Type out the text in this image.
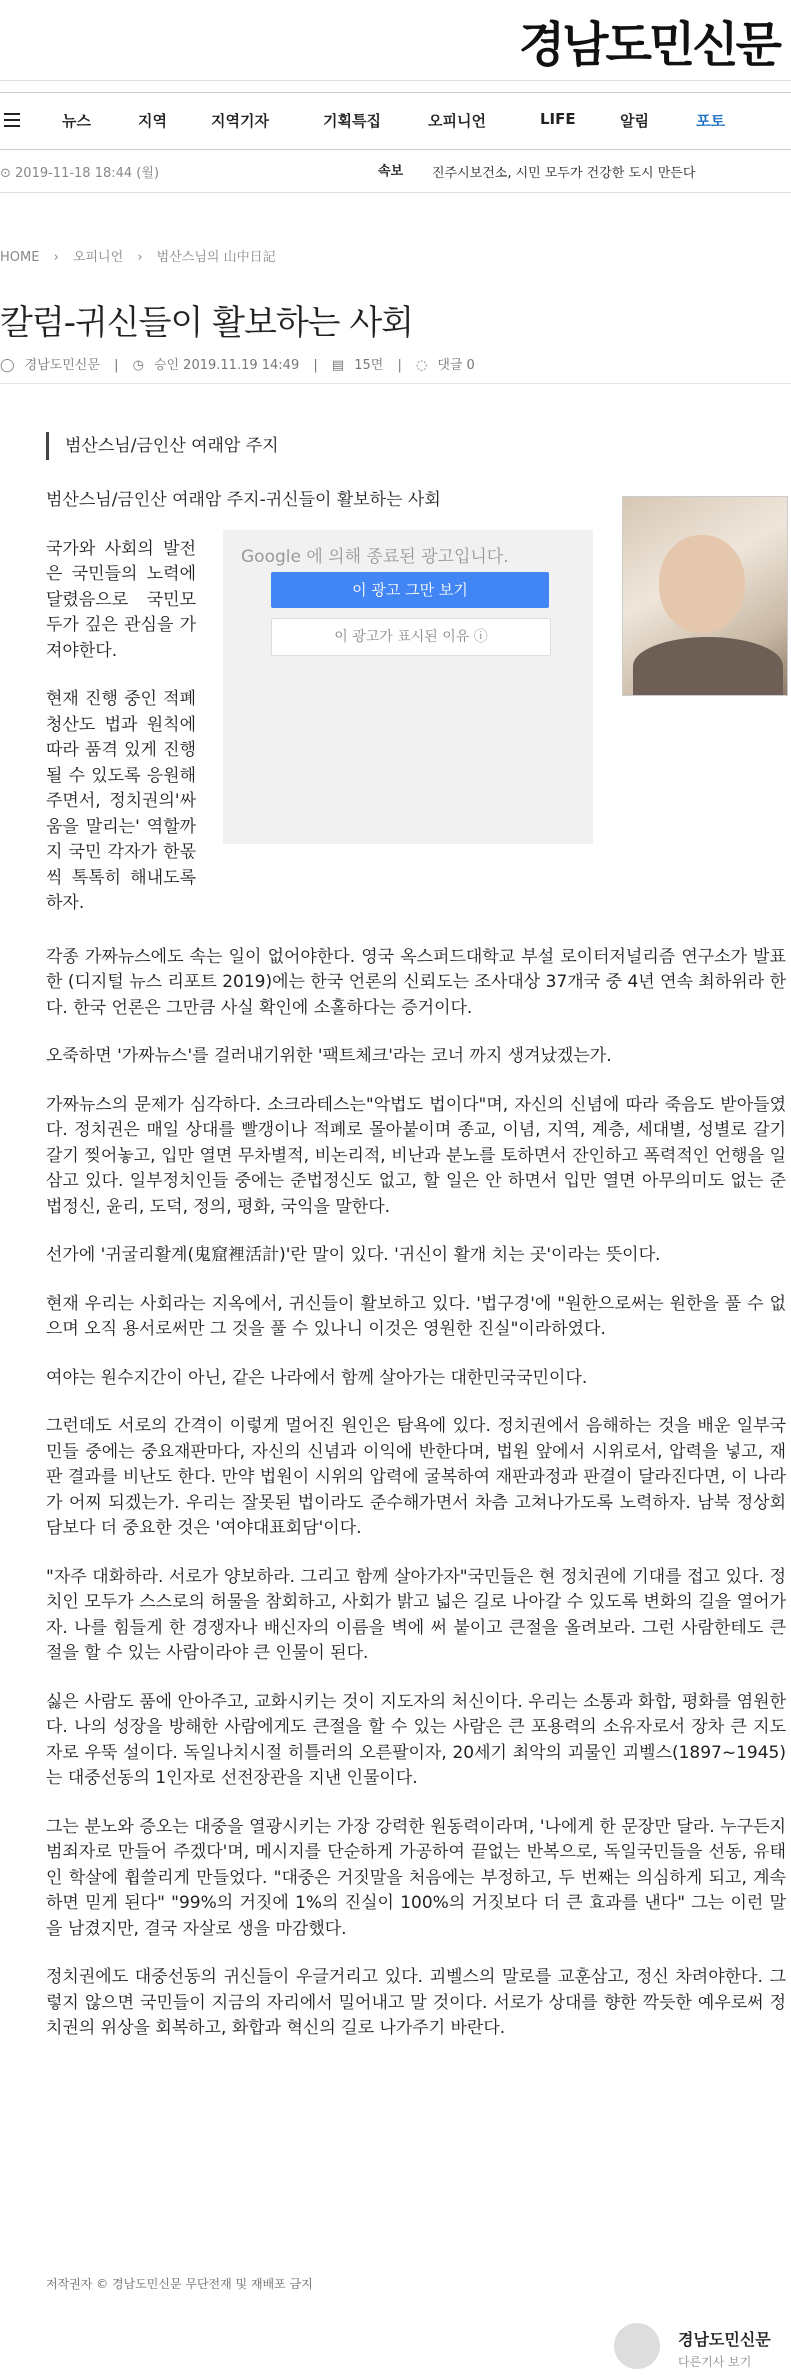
경남도민신문
뉴스	지역	지역기자	기획특집	오피니언	LIFE	알림	포토
⊙ 2019-11-18 18:44 (월)	속보 진주시보건소, 시민 모두가 건강한 도시 만든다
HOME › 오피니언 › 범산스님의 山中日記
칼럼-귀신들이 활보하는 사회
◯ 경남도민신문 | ◷ 승인 2019.11.19 14:49 | ▤ 15면 | ◌ 댓글 0
범산스님/금인산 여래암 주지

범산스님/금인산 여래암 주지-귀신들이 활보하는 사회

국가와 사회의 발전은 국민들의 노력에 달렸음으로 국민모두가 깊은 관심을 가져야한다.

현재 진행 중인 적폐청산도 법과 원칙에 따라 품격 있게 진행될 수 있도록 응원해주면서, 정치권의'싸움을 말리는' 역할까지 국민 각자가 한몫씩 톡톡히 해내도록하자.

각종 가짜뉴스에도 속는 일이 없어야한다. 영국 옥스퍼드대학교 부설 로이터저널리즘 연구소가 발표한 (디지털 뉴스 리포트 2019)에는 한국 언론의 신뢰도는 조사대상 37개국 중 4년 연속 최하위라 한다. 한국 언론은 그만큼 사실 확인에 소홀하다는 증거이다.

오죽하면 '가짜뉴스'를 걸러내기위한 '팩트체크'라는 코너 까지 생겨났겠는가.

가짜뉴스의 문제가 심각하다. 소크라테스는"악법도 법이다"며, 자신의 신념에 따라 죽음도 받아들였다. 정치권은 매일 상대를 빨갱이나 적폐로 몰아붙이며 종교, 이념, 지역, 계층, 세대별, 성별로 갈기갈기 찢어놓고, 입만 열면 무차별적, 비논리적, 비난과 분노를 토하면서 잔인하고 폭력적인 언행을 일삼고 있다. 일부정치인들 중에는 준법정신도 없고, 할 일은 안 하면서 입만 열면 아무의미도 없는 준법정신, 윤리, 도덕, 정의, 평화, 국익을 말한다.

선가에 '귀굴리활계(鬼窟裡活計)'란 말이 있다. '귀신이 활개 치는 곳'이라는 뜻이다.

현재 우리는 사회라는 지옥에서, 귀신들이 활보하고 있다. '법구경'에 "원한으로써는 원한을 풀 수 없으며 오직 용서로써만 그 것을 풀 수 있나니 이것은 영원한 진실"이라하였다.

여야는 원수지간이 아닌, 같은 나라에서 함께 살아가는 대한민국국민이다.

그런데도 서로의 간격이 이렇게 멀어진 원인은 탐욕에 있다. 정치권에서 음해하는 것을 배운 일부국민들 중에는 중요재판마다, 자신의 신념과 이익에 반한다며, 법원 앞에서 시위로서, 압력을 넣고, 재판 결과를 비난도 한다. 만약 법원이 시위의 압력에 굴복하여 재판과정과 판결이 달라진다면, 이 나라가 어찌 되겠는가. 우리는 잘못된 법이라도 준수해가면서 차츰 고쳐나가도록 노력하자. 남북 정상회담보다 더 중요한 것은 '여야대표회담'이다.

"자주 대화하라. 서로가 양보하라. 그리고 함께 살아가자"국민들은 현 정치권에 기대를 접고 있다. 정치인 모두가 스스로의 허물을 참회하고, 사회가 밝고 넓은 길로 나아갈 수 있도록 변화의 길을 열어가자. 나를 힘들게 한 경쟁자나 배신자의 이름을 벽에 써 붙이고 큰절을 올려보라. 그런 사람한테도 큰절을 할 수 있는 사람이라야 큰 인물이 된다.

싫은 사람도 품에 안아주고, 교화시키는 것이 지도자의 처신이다. 우리는 소통과 화합, 평화를 염원한다. 나의 성장을 방해한 사람에게도 큰절을 할 수 있는 사람은 큰 포용력의 소유자로서 장차 큰 지도자로 우뚝 설이다. 독일나치시절 히틀러의 오른팔이자, 20세기 최악의 괴물인 괴벨스(1897~1945)는 대중선동의 1인자로 선전장관을 지낸 인물이다.

그는 분노와 증오는 대중을 열광시키는 가장 강력한 원동력이라며, '나에게 한 문장만 달라. 누구든지 범죄자로 만들어 주겠다'며, 메시지를 단순하게 가공하여 끝없는 반복으로, 독일국민들을 선동, 유태인 학살에 휩쓸리게 만들었다. "대중은 거짓말을 처음에는 부정하고, 두 번째는 의심하게 되고, 계속하면 믿게 된다" "99%의 거짓에 1%의 진실이 100%의 거짓보다 더 큰 효과를 낸다" 그는 이런 말을 남겼지만, 결국 자살로 생을 마감했다.

정치권에도 대중선동의 귀신들이 우글거리고 있다. 괴벨스의 말로를 교훈삼고, 정신 차려야한다. 그렇지 않으면 국민들이 지금의 자리에서 밀어내고 말 것이다. 서로가 상대를 향한 깍듯한 예우로써 정치권의 위상을 회복하고, 화합과 혁신의 길로 나가주기 바란다.

Google 에 의해 종료된 광고입니다.
이 광고 그만 보기
이 광고가 표시된 이유 ⓘ
저작권자 © 경남도민신문 무단전재 및 재배포 금지
경남도민신문
다른기사 보기
